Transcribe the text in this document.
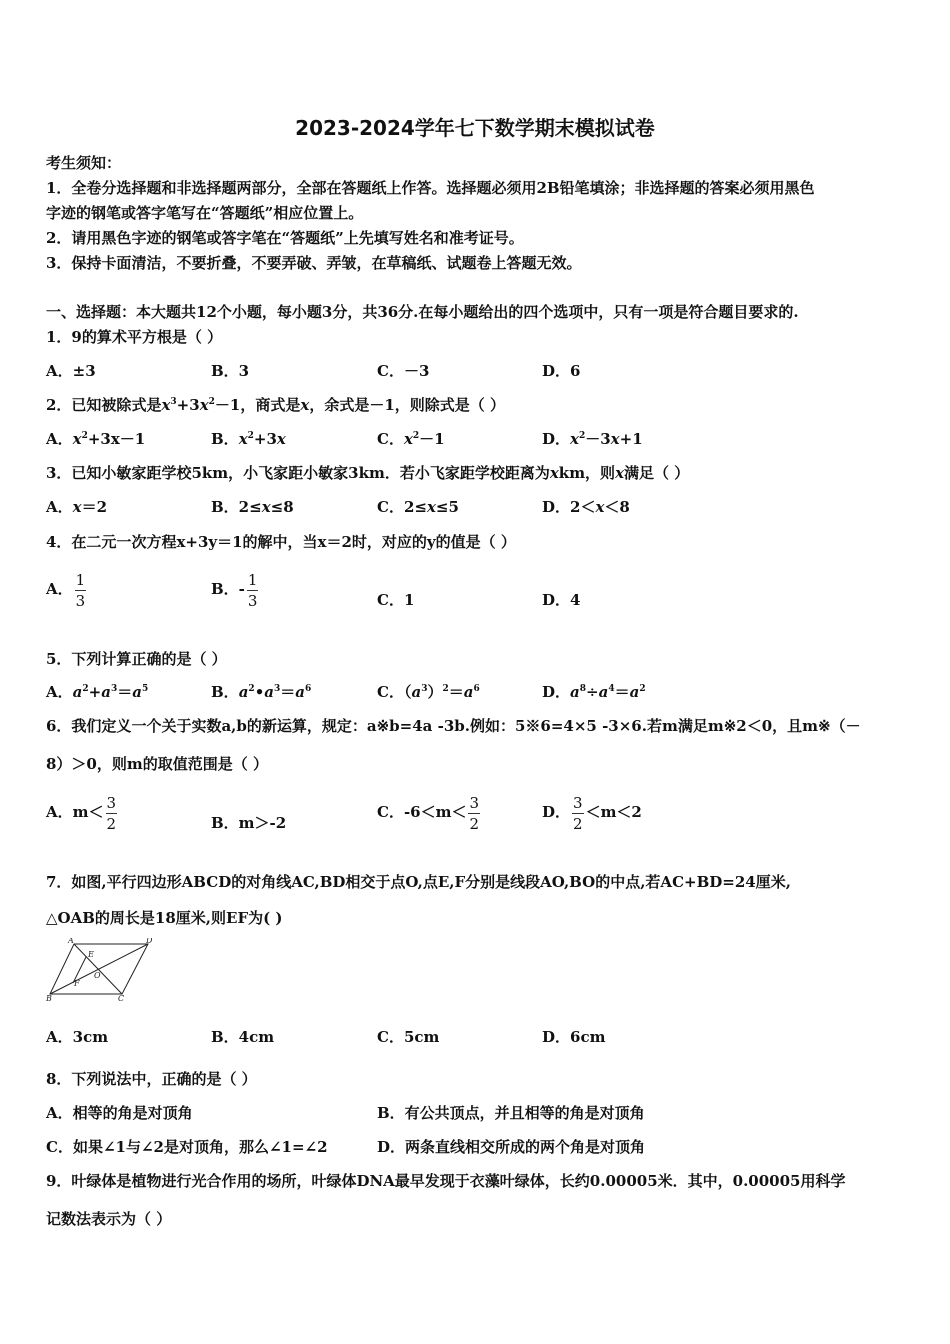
2023-2024学年七下数学期末模拟试卷
考生须知：
1．全卷分选择题和非选择题两部分，全部在答题纸上作答。选择题必须用2B铅笔填涂；非选择题的答案必须用黑色
字迹的钢笔或答字笔写在“答题纸”相应位置上。
2．请用黑色字迹的钢笔或答字笔在“答题纸”上先填写姓名和准考证号。
3．保持卡面清洁，不要折叠，不要弄破、弄皱，在草稿纸、试题卷上答题无效。
一、选择题：本大题共12个小题，每小题3分，共36分.在每小题给出的四个选项中，只有一项是符合题目要求的.
1．9的算术平方根是（ ）
A．±3	B．3	C．－3	D．6
2．已知被除式是$x^3+3x^2-1$，商式是x，余式是－1，则除式是（ ）
A．$x^2+3x-1$	B．$x^2+3x$	C．$x^2-1$	D．$x^2-3x+1$
3．已知小敏家距学校5km，小飞家距小敏家3km．若小飞家距学校距离为xkm，则x满足（ ）
A．x＝2	B．2≤x≤8	C．2≤x≤5	D．2＜x＜8
4．在二元一次方程x+3y＝1的解中，当x＝2时，对应的y的值是（ ）
A． $\frac{1}{3}$	B．- $\frac{1}{3}$	C．1	D．4
5．下列计算正确的是（ ）
A．$a^2+a^3=a^5$	B．$a^2•a^3=a^6$	C．$(a^3)^2=a^6$	D．$a^8\div a^4=a^2$
6．我们定义一个关于实数a,b的新运算，规定：a※b=4a -3b.例如：5※6=4×5 -3×6.若m满足m※2＜0，且m※（－
8）＞0，则m的取值范围是（ ）
A．$m< \frac{3}{2}$	B．m＞-2
C．$-6<m< \frac{3}{2}$	D． $\frac{3}{2} <m<2$
7．如图,平行四边形ABCD的对角线AC,BD相交于点O,点E,F分别是线段AO,BO的中点,若AC+BD=24厘米,
△OAB的周长是18厘米,则EF为( )
A	D
E
O
F
B	C
A．3cm	B．4cm	C．5cm	D．6cm
8．下列说法中，正确的是（ ）
A．相等的角是对顶角	B．有公共顶点，并且相等的角是对顶角
C．如果∠1与∠2是对顶角，那么∠1=∠2	D．两条直线相交所成的两个角是对顶角
9．叶绿体是植物进行光合作用的场所，叶绿体DNA最早发现于衣藻叶绿体，长约0.00005米．其中，0.00005用科学
记数法表示为（ ）
